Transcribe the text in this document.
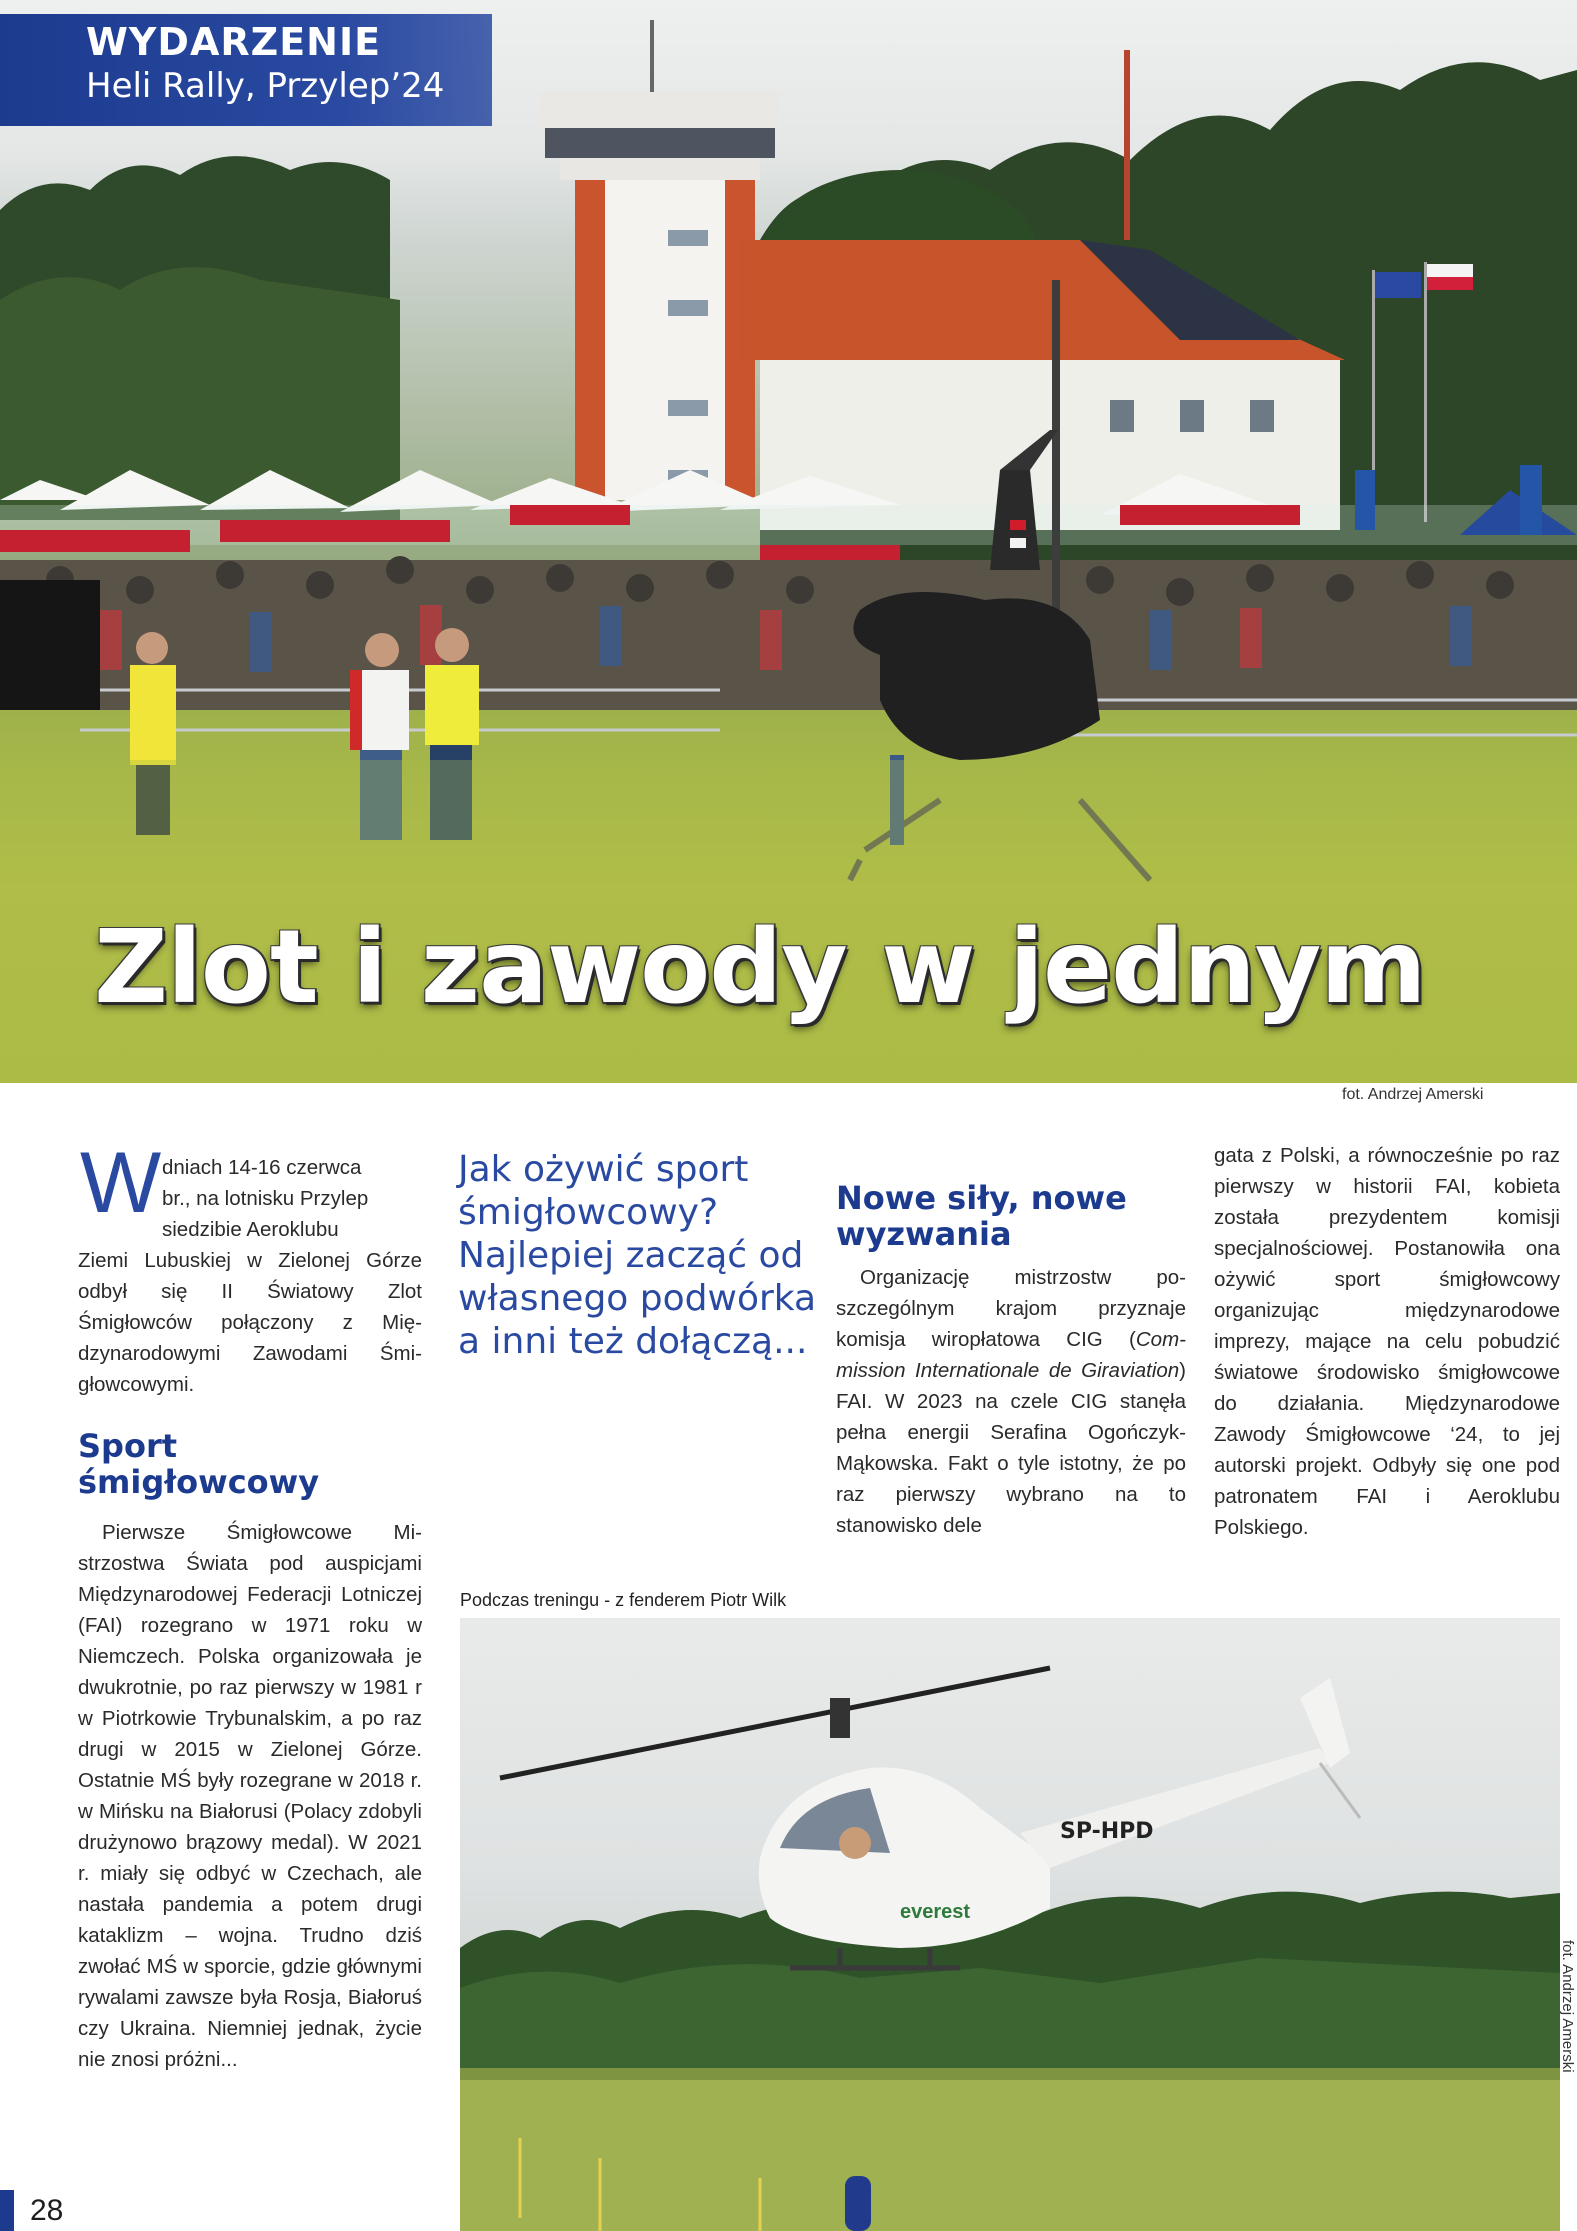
WYDARZENIE
Heli Rally, Przylep’24
Zlot i zawody w jednym
fot. Andrzej Amerski
W dniach 14-16 czerwca
br., na lotnisku Przylep
siedzibie Aeroklubu

Ziemi Lubuskiej w Zielonej Górze odbył się II Światowy Zlot Śmigłowców połączony z Międzynarodowymi Zawodami Śmigłowcowymi.

Sport śmigłowcowy

Pierwsze Śmigłowcowe Mistrzostwa Świata pod auspicjami Międzynarodowej Federacji Lotniczej (FAI) rozegrano w 1971 roku w Niemczech. Polska organizowała je dwukrotnie, po raz pierwszy w 1981 r w Piotrkowie Trybunalskim, a po raz drugi w 2015 w Zielonej Górze. Ostatnie MŚ były rozegrane w 2018 r. w Mińsku na Białorusi (Polacy zdobyli drużynowo brązowy medal). W 2021 r. miały się odbyć w Czechach, ale nastała pandemia a potem drugi kataklizm – wojna. Trudno dziś zwołać MŚ w sporcie, gdzie głównymi rywalami zawsze była Rosja, Białoruś czy Ukraina. Niemniej jednak, życie nie znosi próżni...

Jak ożywić sport śmigłowcowy? Najlepiej zacząć od własnego podwórka a inni też dołączą...
Nowe siły, nowe wyzwania

Organizację mistrzostw poszczególnym krajom przyznaje komisja wiropłatowa CIG (Commission Internationale de Giraviation) FAI. W 2023 na czele CIG stanęła pełna energii Serafina Ogończyk-Mąkowska. Fakt o tyle istotny, że po raz pierwszy wybrano na to stanowisko dele

gata z Polski, a równocześnie po raz pierwszy w historii FAI, kobieta została prezydentem komisji specjalnościowej. Postanowiła ona ożywić sport śmigłowcowy organizując międzynarodowe imprezy, mające na celu pobudzić światowe środowisko śmigłowcowe do działania. Międzynarodowe Zawody Śmigłowcowe ‘24, to jej autorski projekt. Odbyły się one pod patronatem FAI i Aeroklubu Polskiego.

Podczas treningu - z fenderem Piotr Wilk
everest
SP-HPD
fot. Andrzej Amerski
28
